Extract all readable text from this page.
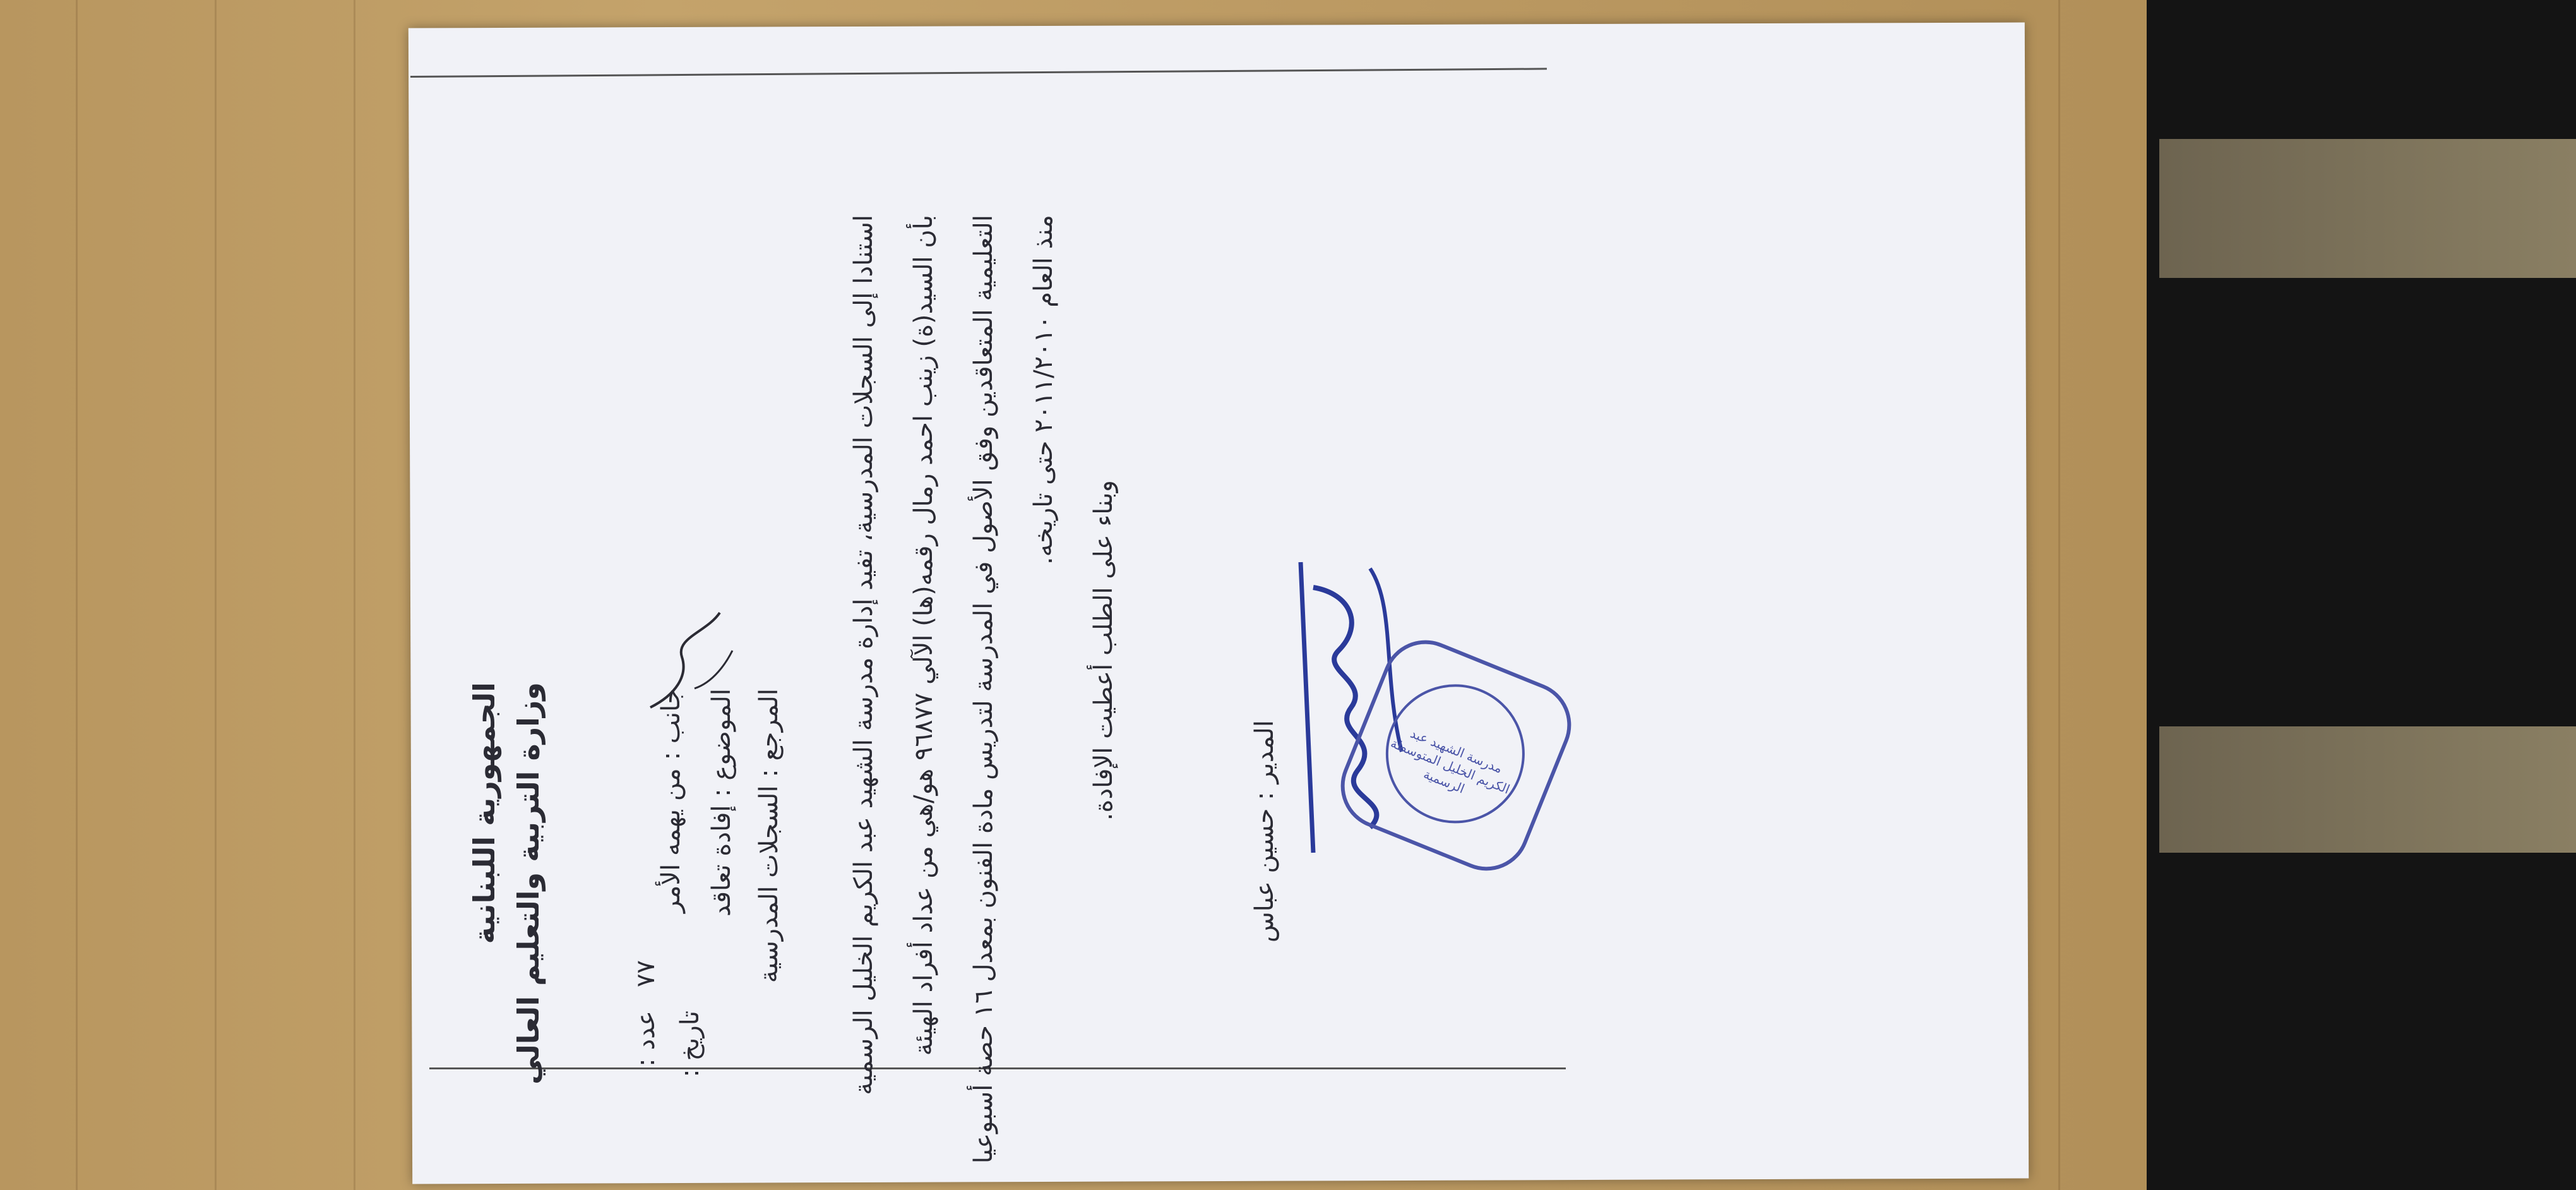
الجمهورية اللبنانية وزارة التربية والتعليم العالي	عدد :
٧٧
تاريخ :
جانب : من يهمه الأمر الموضوع : إفادة تعاقد المرجع : السجلات المدرسية	استنادا إلى السجلات المدرسية، تفيد إدارة مدرسة الشهيد عبد الكريم الخليل الرسمية بأن السيد(ة) زينب احمد رمال رقمه(ها) الآلي ٩٦٨٧٧ هو/هي من عداد أفراد الهيئة
التعليمية المتعاقدين وفق الأصول في المدرسة لتدريس مادة الفنون بمعدل ١٦ حصة أسبوعيا منذ العام ٢٠١١/٢٠١٠ حتى تاريخه.
وبناء على الطلب أعطيت الإفادة.
المدير : حسين عباس	مدرسة الشهيد عبد الكريم الخليل المتوسطة الرسمية
